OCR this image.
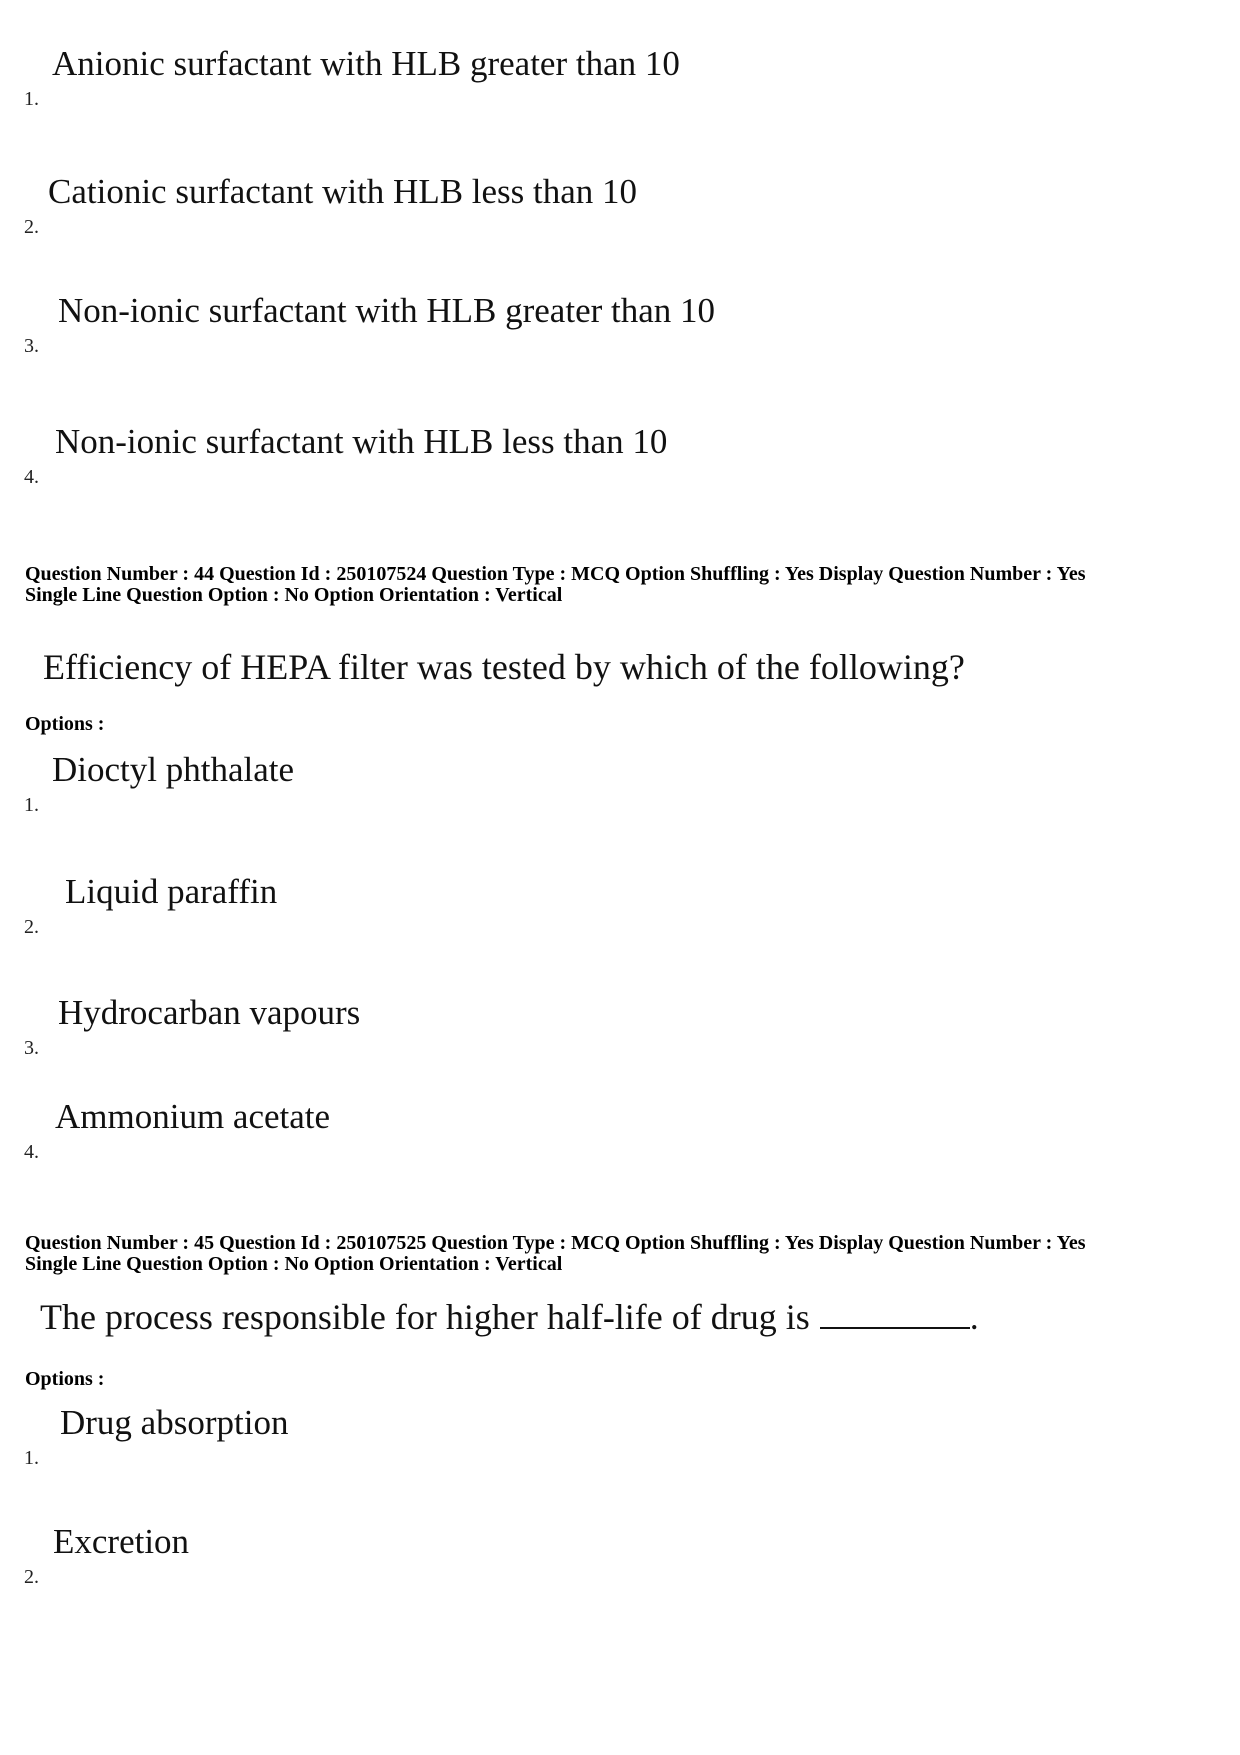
Anionic surfactant with HLB greater than 10
1.
Cationic surfactant with HLB less than 10
2.
Non-ionic surfactant with HLB greater than 10
3.
Non-ionic surfactant with HLB less than 10
4.
Question Number : 44 Question Id : 250107524 Question Type : MCQ Option Shuffling : Yes Display Question Number : Yes
Single Line Question Option : No Option Orientation : Vertical
Efficiency of HEPA filter was tested by which of the following?
Options :
Dioctyl phthalate
1.
Liquid paraffin
2.
Hydrocarban vapours
3.
Ammonium acetate
4.
Question Number : 45 Question Id : 250107525 Question Type : MCQ Option Shuffling : Yes Display Question Number : Yes
Single Line Question Option : No Option Orientation : Vertical
The process responsible for higher half-life of drug is	.
Options :
Drug absorption
1.
Excretion
2.
